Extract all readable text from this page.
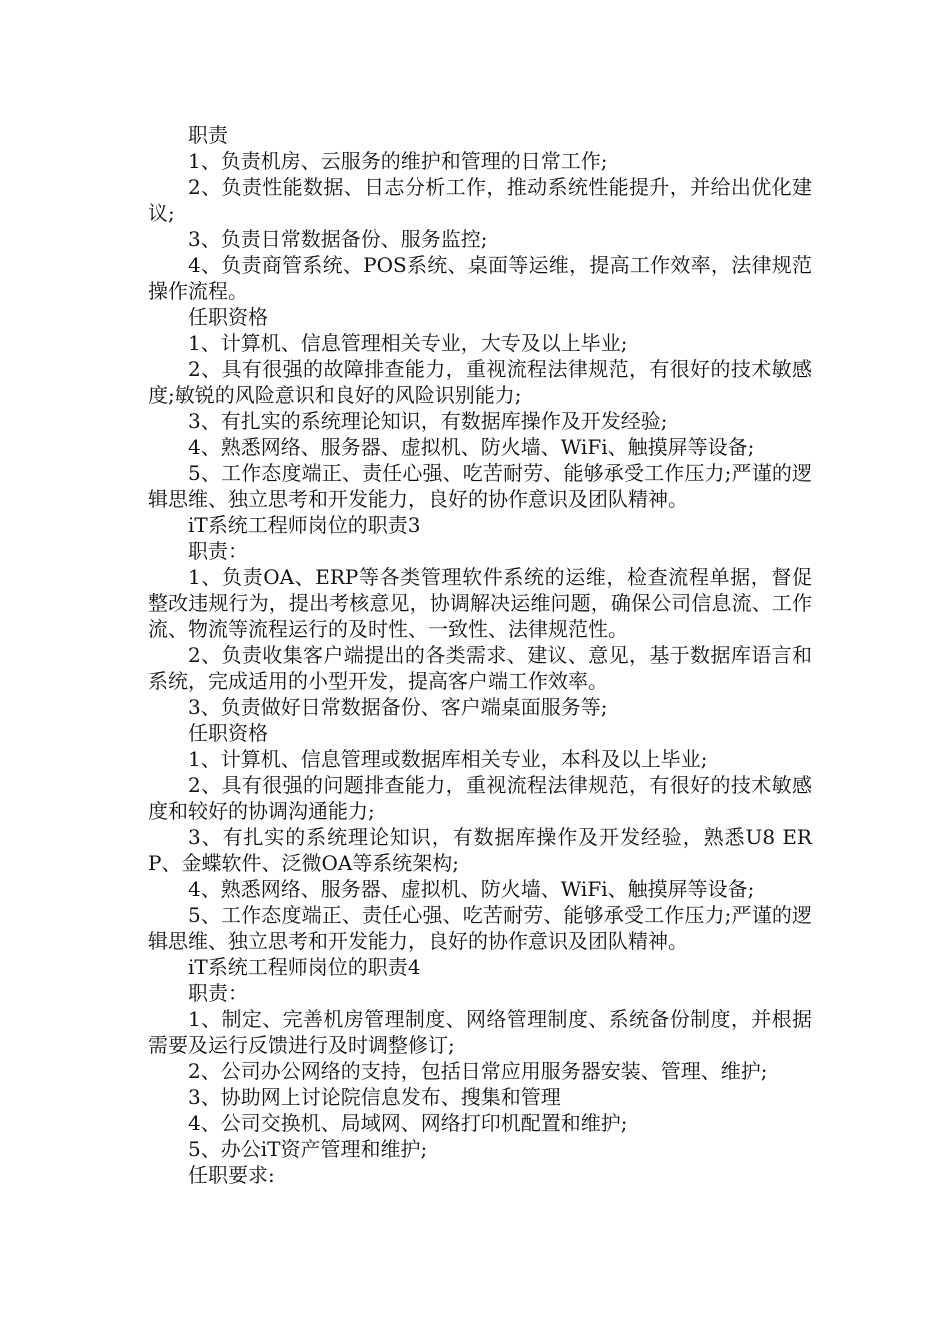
职责

1、负责机房、云服务的维护和管理的日常工作;

2、负责性能数据、日志分析工作，推动系统性能提升，并给出优化建议;

3、负责日常数据备份、服务监控;

4、负责商管系统、POS系统、桌面等运维，提高工作效率，法律规范操作流程。

任职资格

1、计算机、信息管理相关专业，大专及以上毕业;

2、具有很强的故障排查能力，重视流程法律规范，有很好的技术敏感度;敏锐的风险意识和良好的风险识别能力;

3、有扎实的系统理论知识，有数据库操作及开发经验;

4、熟悉网络、服务器、虚拟机、防火墙、WiFi、触摸屏等设备;

5、工作态度端正、责任心强、吃苦耐劳、能够承受工作压力;严谨的逻辑思维、独立思考和开发能力，良好的协作意识及团队精神。

iT系统工程师岗位的职责3

职责：

1、负责OA、ERP等各类管理软件系统的运维，检查流程单据，督促整改违规行为，提出考核意见，协调解决运维问题，确保公司信息流、工作流、物流等流程运行的及时性、一致性、法律规范性。

2、负责收集客户端提出的各类需求、建议、意见，基于数据库语言和系统，完成适用的小型开发，提高客户端工作效率。

3、负责做好日常数据备份、客户端桌面服务等;

任职资格

1、计算机、信息管理或数据库相关专业，本科及以上毕业;

2、具有很强的问题排查能力，重视流程法律规范，有很好的技术敏感度和较好的协调沟通能力;

3、有扎实的系统理论知识，有数据库操作及开发经验，熟悉U8 ERP、金蝶软件、泛微OA等系统架构;

4、熟悉网络、服务器、虚拟机、防火墙、WiFi、触摸屏等设备;

5、工作态度端正、责任心强、吃苦耐劳、能够承受工作压力;严谨的逻辑思维、独立思考和开发能力，良好的协作意识及团队精神。

iT系统工程师岗位的职责4

职责：

1、制定、完善机房管理制度、网络管理制度、系统备份制度，并根据需要及运行反馈进行及时调整修订;

2、公司办公网络的支持，包括日常应用服务器安装、管理、维护;

3、协助网上讨论院信息发布、搜集和管理

4、公司交换机、局域网、网络打印机配置和维护;

5、办公iT资产管理和维护;

任职要求:
